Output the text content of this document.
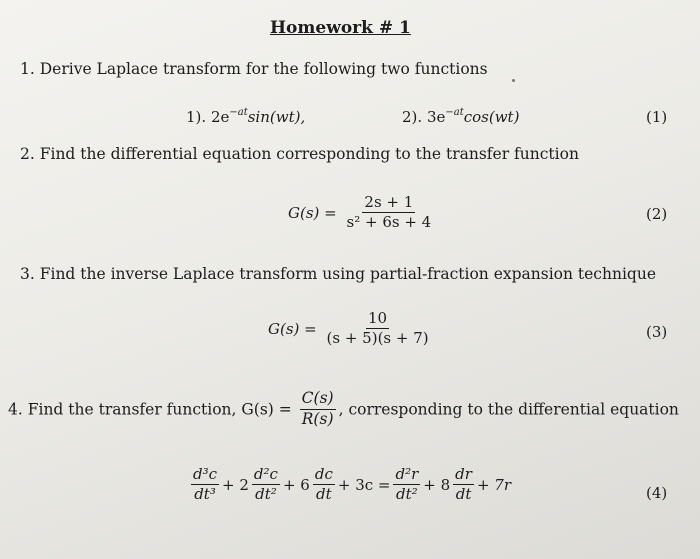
Homework # 1
1. Derive Laplace transform for the following two functions
1). $2e^{-at}\sin(wt)$,	2). $3e^{-at}\cos(wt)$	(1)
2. Find the differential equation corresponding to the transfer function
$G(s) = \frac{2s + 1}{\text{s² + 6s + 4}}$	(2)
3. Find the inverse Laplace transform using partial-fraction expansion technique
$G(s) = \frac{10}{(s + 5)(s + 7)}$	(3)
4. Find the transfer function, $G(s) = \frac{C(s)}{R(s)}$ , corresponding to the differential equation
$\frac{\text{d³c}}{\text{dt³}} + 2 \frac{\text{d²c}}{\text{dt²}} + 6 \frac{dc}{dt} + 3c = \frac{\text{d²r}}{\text{dt²}} + 8 \frac{dr}{dt} + 7r$	(4)
